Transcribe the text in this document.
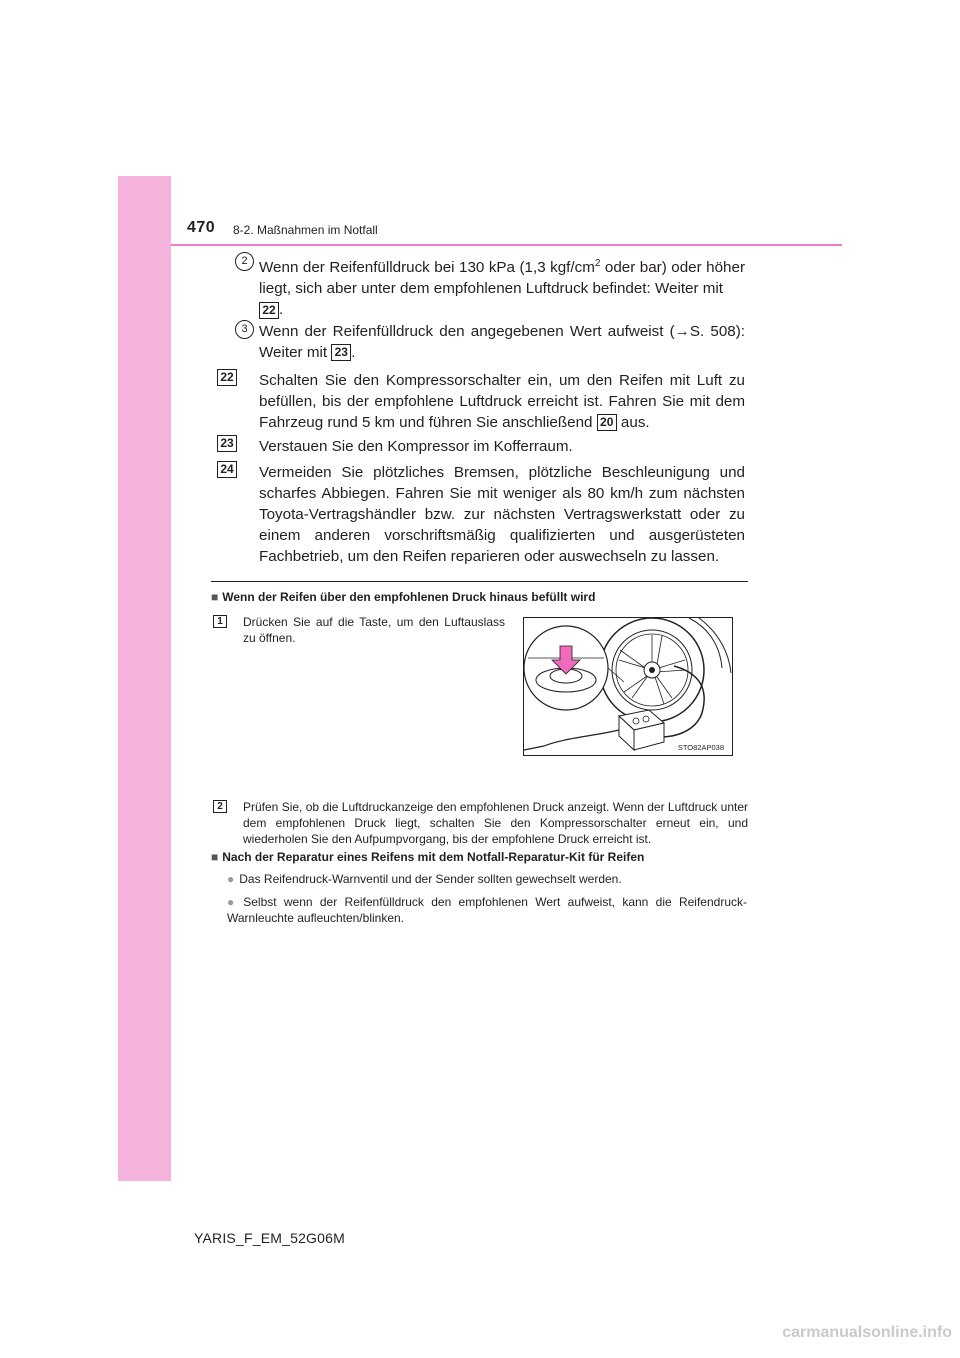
470 8-2. Maßnahmen im Notfall
2 Wenn der Reifenfülldruck bei 130 kPa (1,3 kgf/$cm^2$ oder bar) oder höher liegt, sich aber unter dem empfohlenen Luftdruck befindet: Weiter mit
22 .
3 Wenn der Reifenfülldruck den angegebenen Wert aufweist (→S. 508): Weiter mit 23 .
22 Schalten Sie den Kompressorschalter ein, um den Reifen mit Luft zu befüllen, bis der empfohlene Luftdruck erreicht ist. Fahren Sie mit dem Fahrzeug rund 5 km und führen Sie anschließend 20 aus.
23 Verstauen Sie den Kompressor im Kofferraum.
24 Vermeiden Sie plötzliches Bremsen, plötzliche Beschleunigung und scharfes Abbiegen. Fahren Sie mit weniger als 80 km/h zum nächsten Toyota-Vertragshändler bzw. zur nächsten Vertragswerkstatt oder zu einem anderen vorschriftsmäßig qualifizierten und ausgerüsteten Fachbetrieb, um den Reifen reparieren oder auswechseln zu lassen.
■ Wenn der Reifen über den empfohlenen Druck hinaus befüllt wird
1	Drücken Sie auf die Taste, um den Luftauslass zu öffnen.
STO82AP038
2	Prüfen Sie, ob die Luftdruckanzeige den empfohlenen Druck anzeigt. Wenn der Luftdruck unter dem empfohlenen Druck liegt, schalten Sie den Kompressorschalter erneut ein, und wiederholen Sie den Aufpumpvorgang, bis der empfohlene Druck erreicht ist.
■ Nach der Reparatur eines Reifens mit dem Notfall-Reparatur-Kit für Reifen
● Das Reifendruck-Warnventil und der Sender sollten gewechselt werden.
● Selbst wenn der Reifenfülldruck den empfohlenen Wert aufweist, kann die Reifendruck-Warnleuchte aufleuchten/blinken.
YARIS_F_EM_52G06M
carmanualsonline.info
